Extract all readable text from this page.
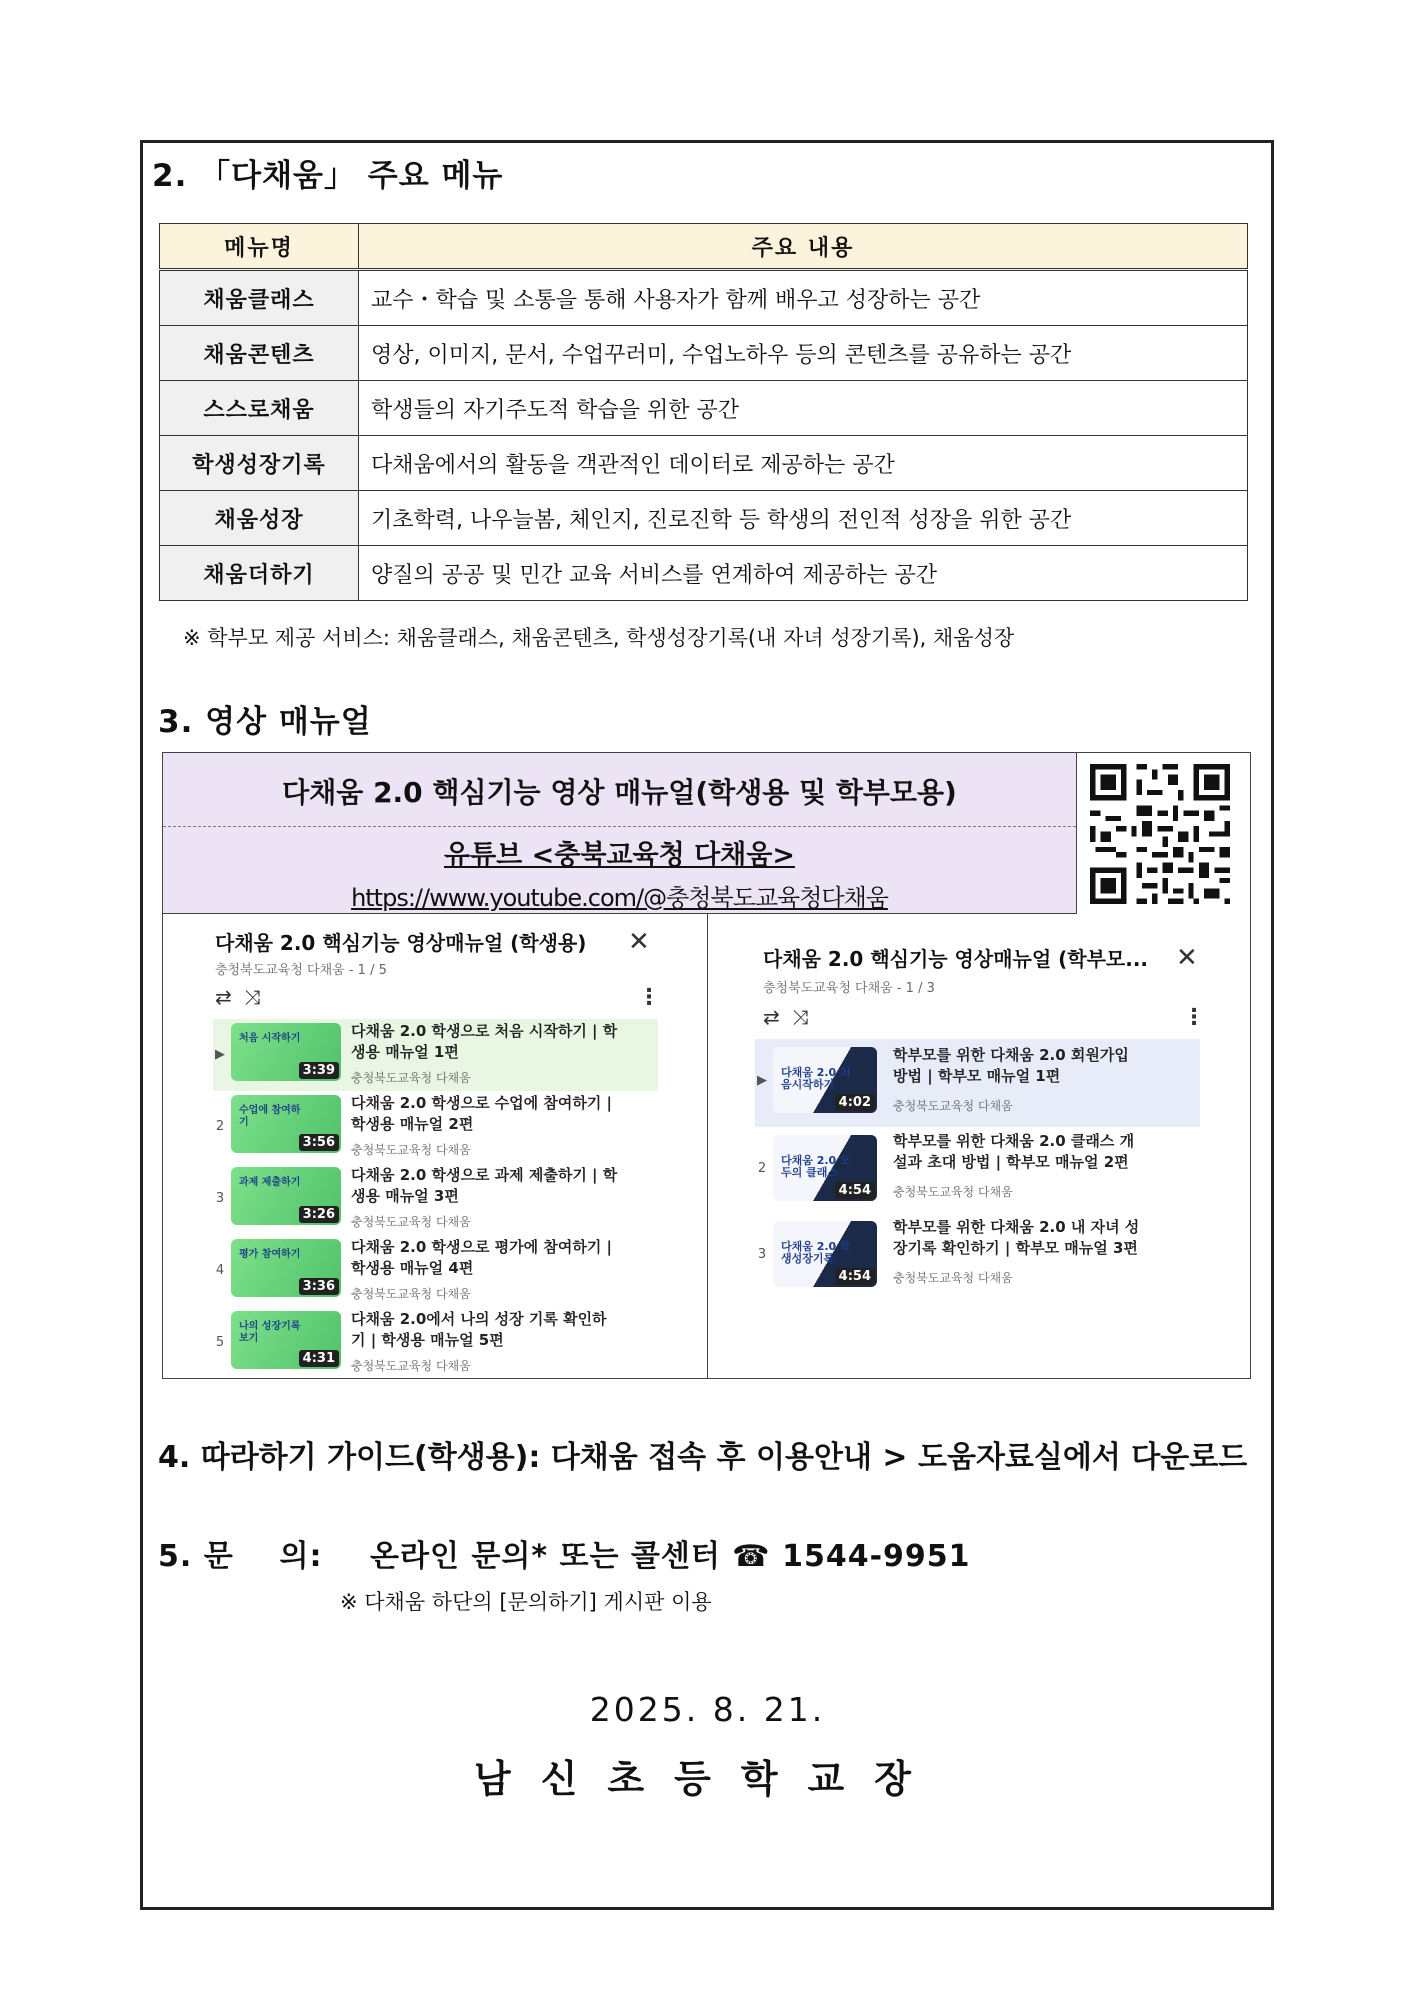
2. 「다채움」 주요 메뉴
메뉴명	주요 내용
채움클래스	교수・학습 및 소통을 통해 사용자가 함께 배우고 성장하는 공간
채움콘텐츠	영상, 이미지, 문서, 수업꾸러미, 수업노하우 등의 콘텐츠를 공유하는 공간
스스로채움	학생들의 자기주도적 학습을 위한 공간
학생성장기록	다채움에서의 활동을 객관적인 데이터로 제공하는 공간
채움성장	기초학력, 나우늘봄, 체인지, 진로진학 등 학생의 전인적 성장을 위한 공간
채움더하기	양질의 공공 및 민간 교육 서비스를 연계하여 제공하는 공간
※ 학부모 제공 서비스: 채움클래스, 채움콘텐츠, 학생성장기록(내 자녀 성장기록), 채움성장
3. 영상 매뉴얼
다채움 2.0 핵심기능 영상 매뉴얼(학생용 및 학부모용)
유튜브 <충북교육청 다채움>
https://www.youtube.com/@충청북도교육청다채움
다채움 2.0 핵심기능 영상매뉴얼 (학생용)
충청북도교육청 다채움 - 1 / 5
✕
⇄ ⤨	⋮
▶
처음 시작하기
3:39
다채움 2.0 학생으로 처음 시작하기 | 학생용 매뉴얼 1편
충청북도교육청 다채움
2
수업에 참여하기
3:56
다채움 2.0 학생으로 수업에 참여하기 | 학생용 매뉴얼 2편
충청북도교육청 다채움
3
과제 제출하기
3:26
다채움 2.0 학생으로 과제 제출하기 | 학생용 매뉴얼 3편
충청북도교육청 다채움
4
평가 참여하기
3:36
다채움 2.0 학생으로 평가에 참여하기 | 학생용 매뉴얼 4편
충청북도교육청 다채움
5
나의 성장기록 보기
4:31
다채움 2.0에서 나의 성장 기록 확인하기 | 학생용 매뉴얼 5편
충청북도교육청 다채움
다채움 2.0 핵심기능 영상매뉴얼 (학부모...
충청북도교육청 다채움 - 1 / 3
✕
⇄ ⤨	⋮
▶
다채움 2.0 처음시작하기
4:02
학부모를 위한 다채움 2.0 회원가입 방법 | 학부모 매뉴얼 1편
충청북도교육청 다채움
2
다채움 2.0 모두의 클래스
4:54
학부모를 위한 다채움 2.0 클래스 개설과 초대 방법 | 학부모 매뉴얼 2편
충청북도교육청 다채움
3
다채움 2.0 학생성장기록
4:54
학부모를 위한 다채움 2.0 내 자녀 성장기록 확인하기 | 학부모 매뉴얼 3편
충청북도교육청 다채움
4. 따라하기 가이드(학생용): 다채움 접속 후 이용안내 > 도움자료실에서 다운로드
5. 문    의: 온라인 문의* 또는 콜센터 ☎ 1544-9951
※ 다채움 하단의 [문의하기] 게시판 이용
2025. 8. 21.
남신초등학교장
